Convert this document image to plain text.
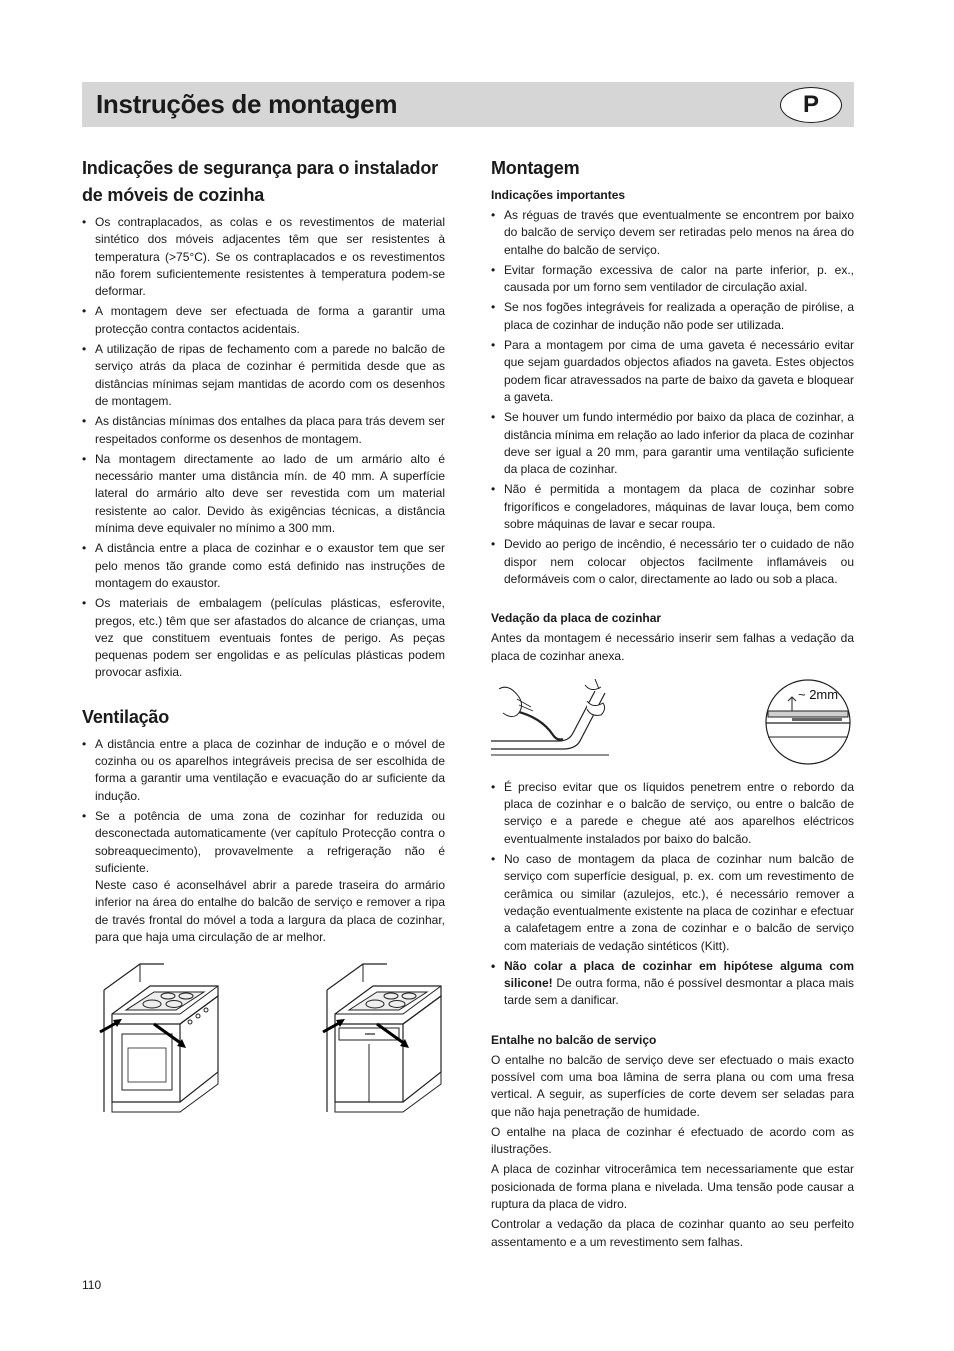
Instruções de montagem	P
Indicações de segurança para o instalador de móveis de cozinha
• Os contraplacados, as colas e os revestimentos de material sintético dos móveis adjacentes têm que ser resistentes à temperatura (>75°C). Se os contraplacados e os revestimentos não forem suficientemente resistentes à temperatura podem-se deformar.
• A montagem deve ser efectuada de forma a garantir uma protecção contra contactos acidentais.
• A utilização de ripas de fechamento com a parede no balcão de serviço atrás da placa de cozinhar é permitida desde que as distâncias mínimas sejam mantidas de acordo com os desenhos de montagem.
• As distâncias mínimas dos entalhes da placa para trás devem ser respeitados conforme os desenhos de montagem.
• Na montagem directamente ao lado de um armário alto é necessário manter uma distância mín. de 40 mm. A superfície lateral do armário alto deve ser revestida com um material resistente ao calor. Devido às exigências técnicas, a distância mínima deve equivaler no mínimo a 300 mm.
• A distância entre a placa de cozinhar e o exaustor tem que ser pelo menos tão grande como está definido nas instruções de montagem do exaustor.
• Os materiais de embalagem (películas plásticas, esferovite, pregos, etc.) têm que ser afastados do alcance de crianças, uma vez que constituem eventuais fontes de perigo. As peças pequenas podem ser engolidas e as películas plásticas podem provocar asfixia.
Ventilação
• A distância entre a placa de cozinhar de indução e o móvel de cozinha ou os aparelhos integráveis precisa de ser escolhida de forma a garantir uma ventilação e evacuação do ar suficiente da indução.

• Se a potência de uma zona de cozinhar for reduzida ou desconectada automaticamente (ver capítulo Protecção contra o sobreaquecimento), provavelmente a refrigeração não é suficiente.

Neste caso é aconselhável abrir a parede traseira do armário inferior na área do entalhe do balcão de serviço e remover a ripa de través frontal do móvel a toda a largura da placa de cozinhar, para que haja uma circulação de ar melhor.

Montagem
Indicações importantes
• As réguas de través que eventualmente se encontrem por baixo do balcão de serviço devem ser retiradas pelo menos na área do entalhe do balcão de serviço.
• Evitar formação excessiva de calor na parte inferior, p. ex., causada por um forno sem ventilador de circulação axial.
• Se nos fogões integráveis for realizada a operação de pirólise, a placa de cozinhar de indução não pode ser utilizada.
• Para a montagem por cima de uma gaveta é necessário evitar que sejam guardados objectos afiados na gaveta. Estes objectos podem ficar atravessados na parte de baixo da gaveta e bloquear a gaveta.
• Se houver um fundo intermédio por baixo da placa de cozinhar, a distância mínima em relação ao lado inferior da placa de cozinhar deve ser igual a 20 mm, para garantir uma ventilação suficiente da placa de cozinhar.
• Não é permitida a montagem da placa de cozinhar sobre frigoríficos e congeladores, máquinas de lavar louça, bem como sobre máquinas de lavar e secar roupa.
• Devido ao perigo de incêndio, é necessário ter o cuidado de não dispor nem colocar objectos facilmente inflamáveis ou deformáveis com o calor, directamente ao lado ou sob a placa.
Vedação da placa de cozinhar

Antes da montagem é necessário inserir sem falhas a vedação da placa de cozinhar anexa.

~ 2mm
• É preciso evitar que os líquidos penetrem entre o rebordo da placa de cozinhar e o balcão de serviço, ou entre o balcão de serviço e a parede e chegue até aos aparelhos eléctricos eventualmente instalados por baixo do balcão.
• No caso de montagem da placa de cozinhar num balcão de serviço com superfície desigual, p. ex. com um revestimento de cerâmica ou similar (azulejos, etc.), é necessário remover a vedação eventualmente existente na placa de cozinhar e efectuar a calafetagem entre a zona de cozinhar e o balcão de serviço com materiais de vedação sintéticos (Kitt).
• Não colar a placa de cozinhar em hipótese alguma com silicone! De outra forma, não é possível desmontar a placa mais tarde sem a danificar.
Entalhe no balcão de serviço

O entalhe no balcão de serviço deve ser efectuado o mais exacto possível com uma boa lâmina de serra plana ou com uma fresa vertical. A seguir, as superfícies de corte devem ser seladas para que não haja penetração de humidade.

O entalhe na placa de cozinhar é efectuado de acordo com as ilustrações.

A placa de cozinhar vitrocerâmica tem necessariamente que estar posicionada de forma plana e nivelada. Uma tensão pode causar a ruptura da placa de vidro.

Controlar a vedação da placa de cozinhar quanto ao seu perfeito assentamento e a um revestimento sem falhas.

110
